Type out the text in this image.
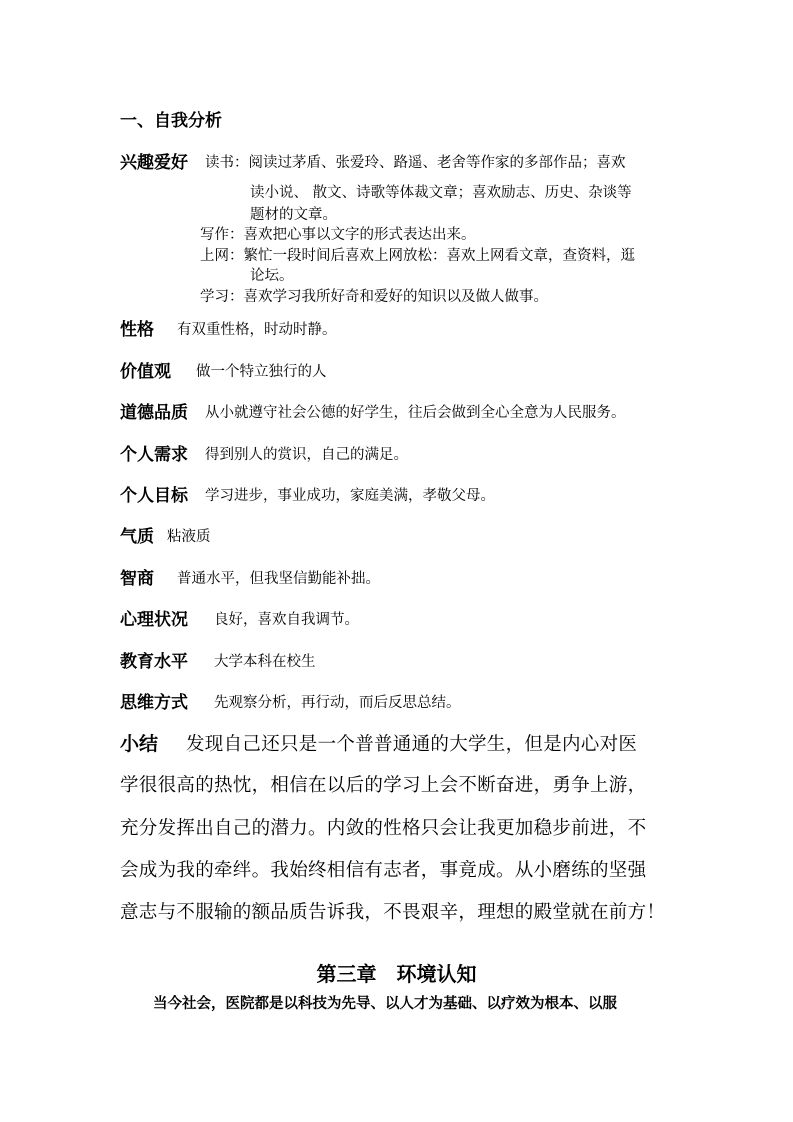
一、自我分析
兴趣爱好 读书：阅读过茅盾、张爱玲、路遥、老舍等作家的多部作品；喜欢
读小说、 散文、诗歌等体裁文章；喜欢励志、历史、杂谈等
题材的文章。
写作：喜欢把心事以文字的形式表达出来。
上网：繁忙一段时间后喜欢上网放松：喜欢上网看文章，查资料，逛
论坛。
学习：喜欢学习我所好奇和爱好的知识以及做人做事。
性格 有双重性格，时动时静。
价值观 做一个特立独行的人
道德品质 从小就遵守社会公德的好学生，往后会做到全心全意为人民服务。
个人需求 得到别人的赏识，自己的满足。
个人目标 学习进步，事业成功，家庭美满，孝敬父母。
气质 粘液质
智商 普通水平，但我坚信勤能补拙。
心理状况 良好，喜欢自我调节。
教育水平 大学本科在校生
思维方式 先观察分析，再行动，而后反思总结。
小结 发现自己还只是一个普普通通的大学生，但是内心对医
学很很高的热忱，相信在以后的学习上会不断奋进，勇争上游，
充分发挥出自己的潜力。内敛的性格只会让我更加稳步前进，不
会成为我的牵绊。我始终相信有志者，事竟成。从小磨练的坚强
意志与不服输的额品质告诉我，不畏艰辛，理想的殿堂就在前方！
第三章　环境认知
当今社会，医院都是以科技为先导、以人才为基础、以疗效为根本、以服
